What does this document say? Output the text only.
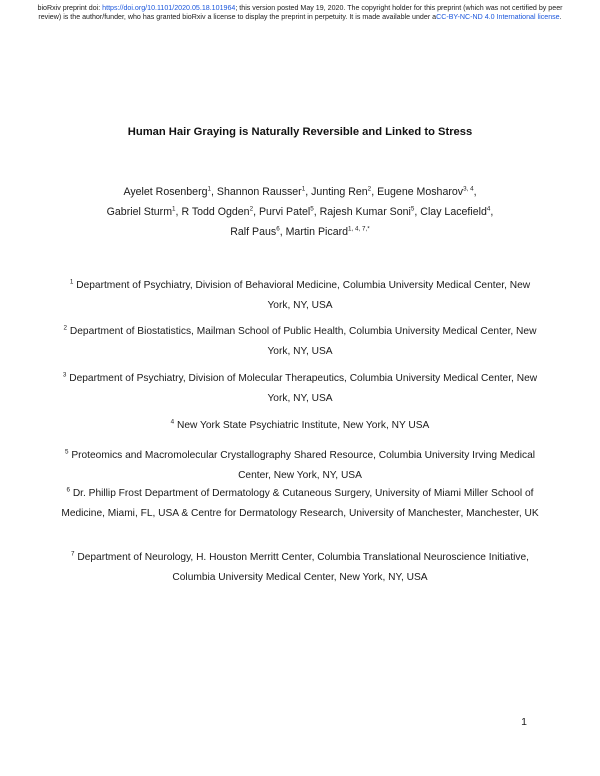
bioRxiv preprint doi: https://doi.org/10.1101/2020.05.18.101964; this version posted May 19, 2020. The copyright holder for this preprint (which was not certified by peer review) is the author/funder, who has granted bioRxiv a license to display the preprint in perpetuity. It is made available under aCC-BY-NC-ND 4.0 International license.
Human Hair Graying is Naturally Reversible and Linked to Stress
Ayelet Rosenberg$^1$, Shannon Rausser$^1$, Junting Ren$^2$, Eugene Mosharov$^{3, 4}$,
Gabriel Sturm$^1$, R Todd Ogden$^2$, Purvi Patel$^5$, Rajesh Kumar Soni$^5$, Clay Lacefield$^4$,
Ralf Paus$^6$, Martin Picard$^{1, 4, 7,*}$
$^1$ Department of Psychiatry, Division of Behavioral Medicine, Columbia University Medical Center, New York, NY, USA
$^2$ Department of Biostatistics, Mailman School of Public Health, Columbia University Medical Center, New York, NY, USA
$^3$ Department of Psychiatry, Division of Molecular Therapeutics, Columbia University Medical Center, New York, NY, USA
$^4$ New York State Psychiatric Institute, New York, NY USA
$^5$ Proteomics and Macromolecular Crystallography Shared Resource, Columbia University Irving Medical Center, New York, NY, USA
$^6$ Dr. Phillip Frost Department of Dermatology & Cutaneous Surgery, University of Miami Miller School of Medicine, Miami, FL, USA & Centre for Dermatology Research, University of Manchester, Manchester, UK
$^7$ Department of Neurology, H. Houston Merritt Center, Columbia Translational Neuroscience Initiative, Columbia University Medical Center, New York, NY, USA
1
